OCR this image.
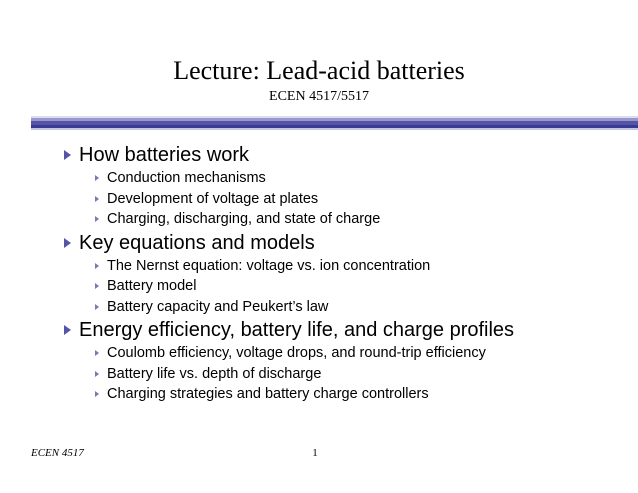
Lecture: Lead-acid batteries
ECEN 4517/5517
How batteries work
Conduction mechanisms
Development of voltage at plates
Charging, discharging, and state of charge
Key equations and models
The Nernst equation: voltage vs. ion concentration
Battery model
Battery capacity and Peukert’s law
Energy efficiency, battery life, and charge profiles
Coulomb efficiency, voltage drops, and round-trip efficiency
Battery life vs. depth of discharge
Charging strategies and battery charge controllers
ECEN 4517	1
